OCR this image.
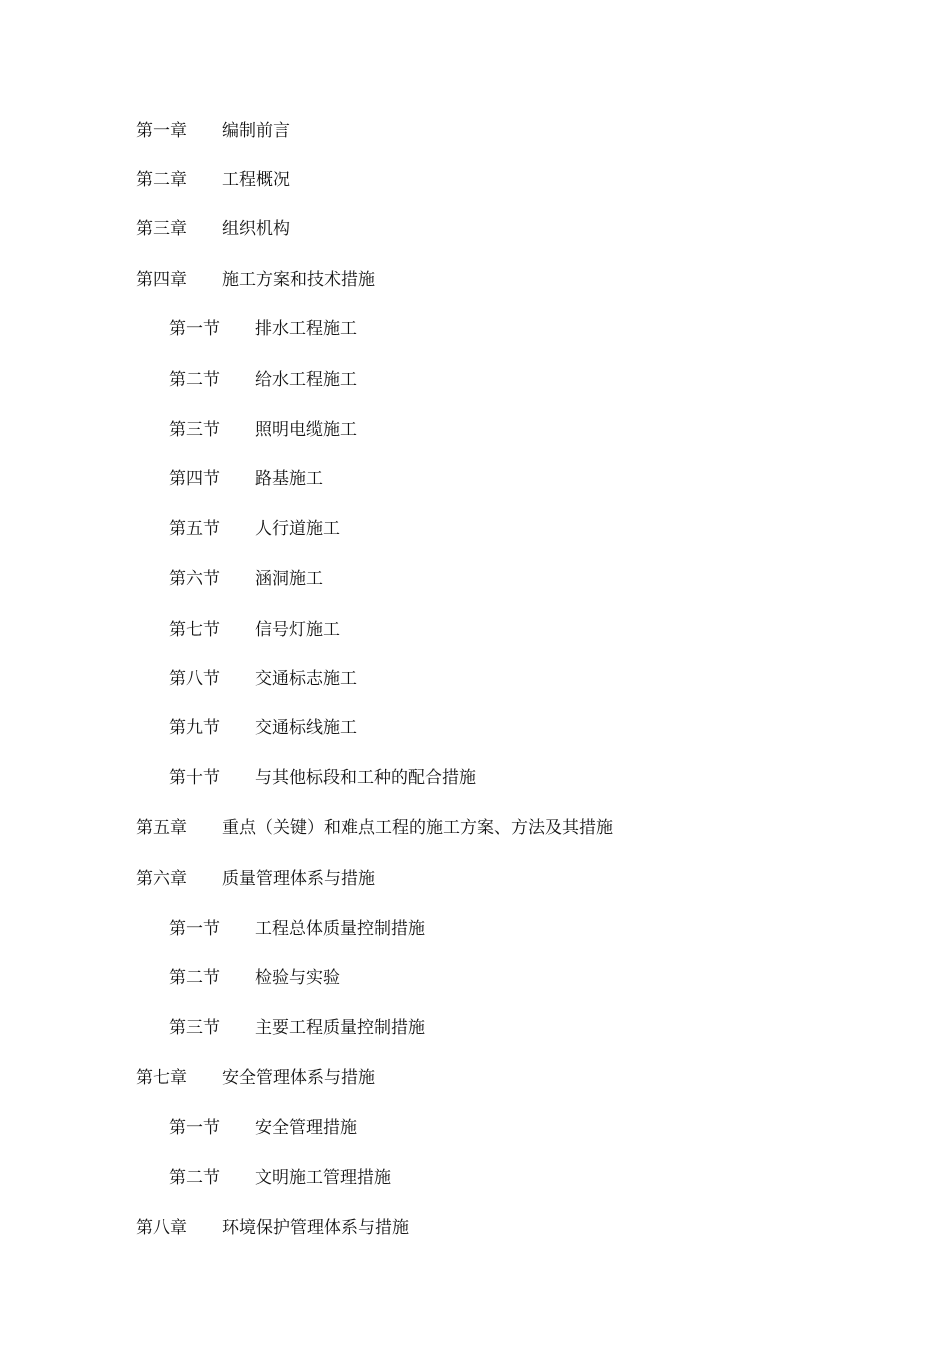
第一章 编制前言
第二章 工程概况
第三章 组织机构
第四章 施工方案和技术措施
第一节 排水工程施工
第二节 给水工程施工
第三节 照明电缆施工
第四节 路基施工
第五节 人行道施工
第六节 涵洞施工
第七节 信号灯施工
第八节 交通标志施工
第九节 交通标线施工
第十节 与其他标段和工种的配合措施
第五章 重点（关键）和难点工程的施工方案、方法及其措施
第六章 质量管理体系与措施
第一节 工程总体质量控制措施
第二节 检验与实验
第三节 主要工程质量控制措施
第七章 安全管理体系与措施
第一节 安全管理措施
第二节 文明施工管理措施
第八章 环境保护管理体系与措施
